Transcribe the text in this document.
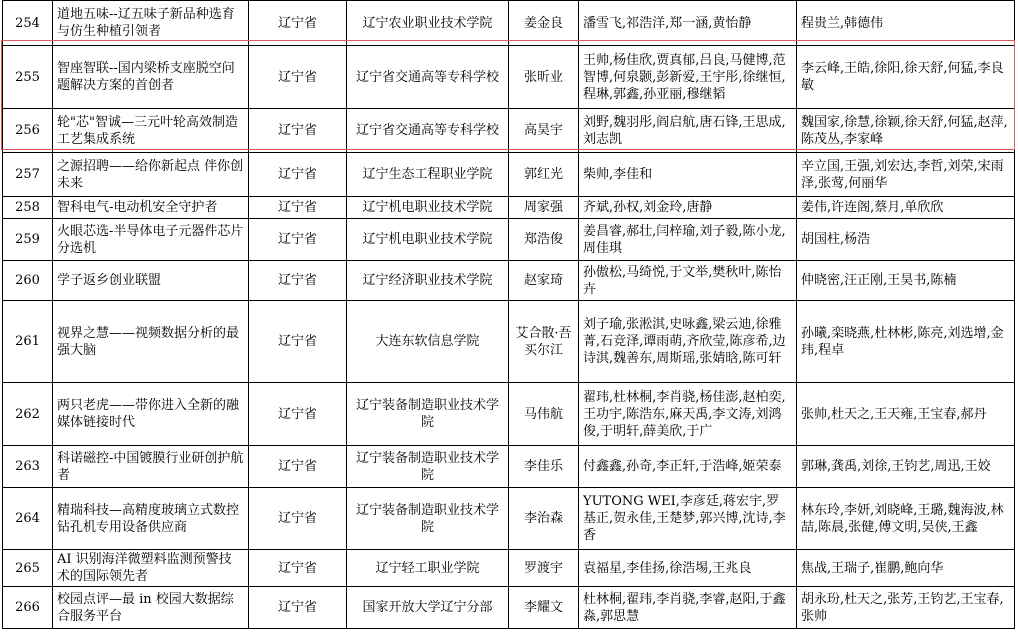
254	道地五味--辽五味子新品种选育与仿生种植引领者	辽宁省	辽宁农业职业技术学院	姜金良	潘雪飞,祁浩洋,郑一涵,黄怡静	程贵兰,韩德伟
255	智座智联--国内梁桥支座脱空问题解决方案的首创者	辽宁省	辽宁省交通高等专科学校	张昕业	王帅,杨佳欣,贾真郁,吕良,马健博,范智博,何泉颢,彭新爱,王宇彤,徐继恒,程琳,郭鑫,孙亚丽,穆继韬	李云峰,王皓,徐阳,徐天舒,何猛,李良敏
256	轮"芯"智诚—三元叶轮高效制造工艺集成系统	辽宁省	辽宁省交通高等专科学校	高昊宇	刘野,魏羽彤,阎启航,唐石锋,王思成,刘志凯	魏国家,徐慧,徐颖,徐天舒,何猛,赵萍,陈茂丛,李家峰
257	之源招聘——给你新起点 伴你创未来	辽宁省	辽宁生态工程职业学院	郭红光	柴帅,李佳和	辛立国,王强,刘宏达,李哲,刘荣,宋雨泽,张莺,何丽华
258	智科电气-电动机安全守护者	辽宁省	辽宁机电职业技术学院	周家强	齐斌,孙权,刘金玲,唐静	姜伟,许连阁,蔡月,单欣欣
259	火眼芯选-半导体电子元器件芯片分选机	辽宁省	辽宁机电职业技术学院	郑浩俊	姜昌睿,郝壮,闫梓瑜,刘子毅,陈小龙,周佳琪	胡国柱,杨浩
260	学子返乡创业联盟	辽宁省	辽宁经济职业技术学院	赵家琦	孙傲松,马绮悦,于文举,樊秋叶,陈怡卉	仲晓密,汪正刚,王昊书,陈楠
261	视界之慧——视频数据分析的最强大脑	辽宁省	大连东软信息学院	艾合散·吾买尔江	刘子瑜,张淞淇,史咏鑫,梁云迪,徐雅菁,石竞泽,谭雨萌,齐欣莹,陈彦希,边诗淇,魏善东,周斯瑶,张婧晗,陈可轩	孙曦,栾晓燕,杜林彬,陈亮,刘选增,金玮,程卓
262	两只老虎——带你进入全新的融媒体链接时代	辽宁省	辽宁装备制造职业技术学院	马伟航	翟玮,杜林桐,李肖骁,杨佳澎,赵柏奕,王功宇,陈浩东,麻天禹,李文涛,刘鸿俊,于明轩,薛美欣,于广	张帅,杜天之,王天雍,王宝春,郝丹
263	科诺磁控-中国镀膜行业研创护航者	辽宁省	辽宁装备制造职业技术学院	李佳乐	付鑫鑫,孙奇,李正轩,于浩峰,姬荣泰	郭琳,龚禹,刘徐,王钧艺,周迅,王姣
264	精瑞科技—高精度玻璃立式数控钻孔机专用设备供应商	辽宁省	辽宁装备制造职业技术学院	李治森	YUTONG WEI,李彦廷,蒋宏宇,罗基正,贺永佳,王楚梦,郭兴博,沈诗,李香	林东玲,李妍,刘晓峰,王璐,魏海波,林喆,陈晨,张健,傅文明,吴侠,王鑫
265	AI 识别海洋微塑料监测预警技术的国际领先者	辽宁省	辽宁轻工职业学院	罗渡宇	袁福星,李佳扬,徐浩埸,王兆良	焦战,王瑞子,崔鹏,鲍向华
266	校园点评—最 in 校园大数据综合服务平台	辽宁省	国家开放大学辽宁分部	李耀文	杜林桐,翟玮,李肖骁,李睿,赵阳,于鑫淼,郭思慧	胡永玢,杜天之,张芳,王钧艺,王宝春,张帅
